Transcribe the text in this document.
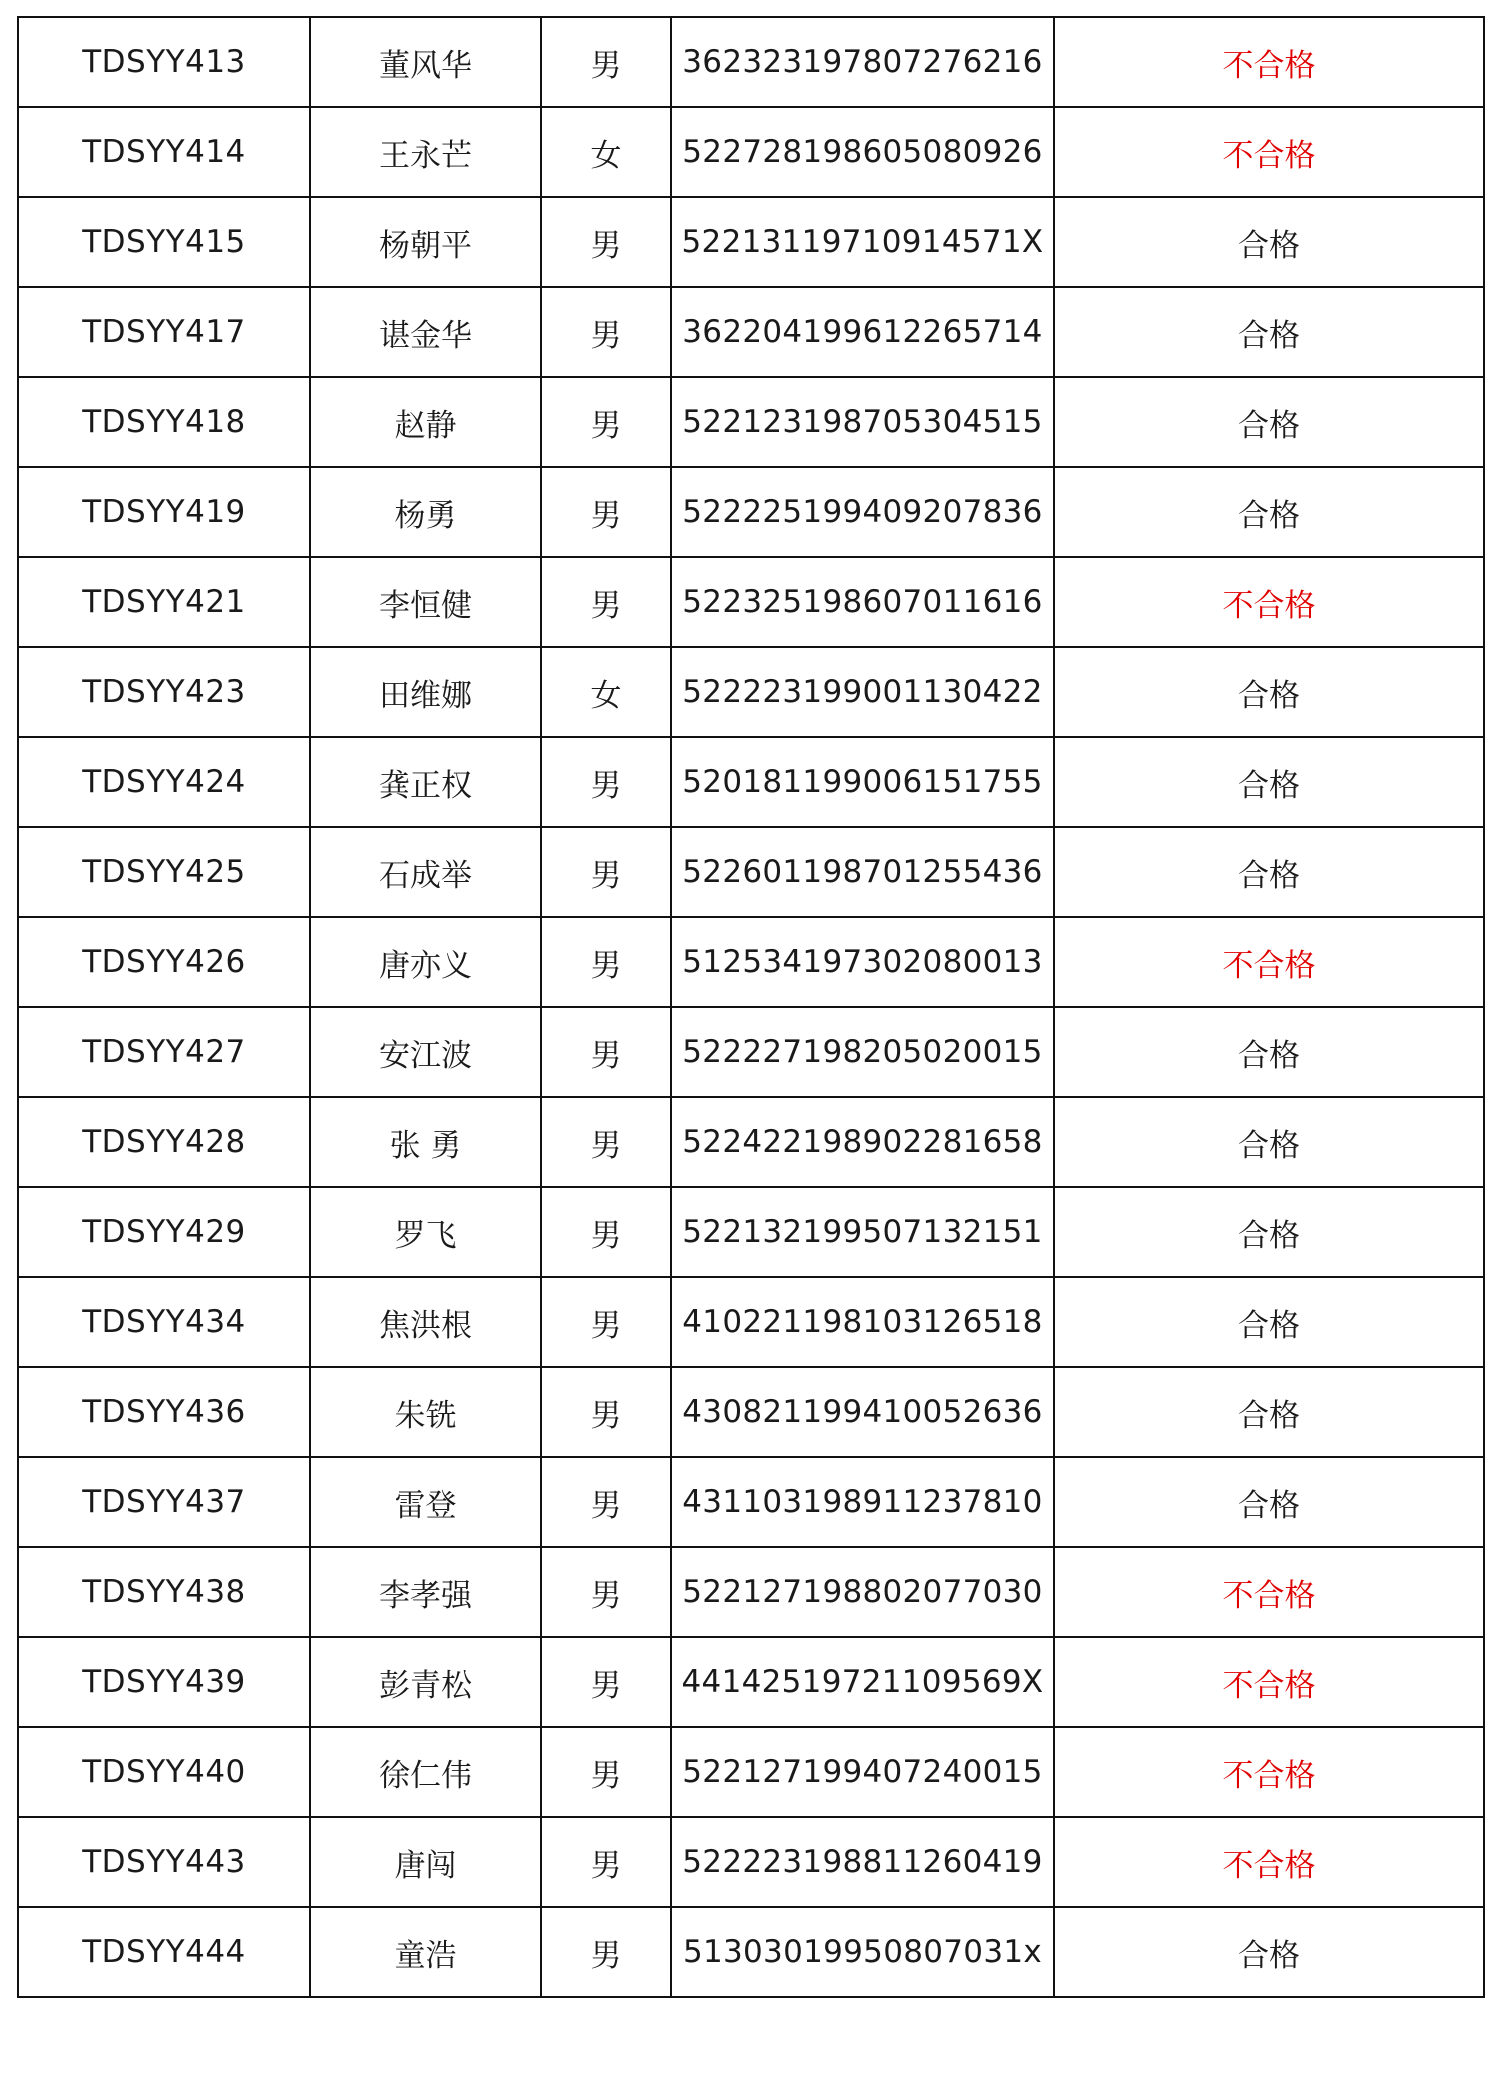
TDSYY413	董风华	男	362323197807276216	不合格
TDSYY414	王永芒	女	522728198605080926	不合格
TDSYY415	杨朝平	男	52213119710914571X	合格
TDSYY417	谌金华	男	362204199612265714	合格
TDSYY418	赵静	男	522123198705304515	合格
TDSYY419	杨勇	男	522225199409207836	合格
TDSYY421	李恒健	男	522325198607011616	不合格
TDSYY423	田维娜	女	522223199001130422	合格
TDSYY424	龚正权	男	520181199006151755	合格
TDSYY425	石成举	男	522601198701255436	合格
TDSYY426	唐亦义	男	512534197302080013	不合格
TDSYY427	安江波	男	522227198205020015	合格
TDSYY428	张 勇	男	522422198902281658	合格
TDSYY429	罗飞	男	522132199507132151	合格
TDSYY434	焦洪根	男	410221198103126518	合格
TDSYY436	朱铣	男	430821199410052636	合格
TDSYY437	雷登	男	431103198911237810	合格
TDSYY438	李孝强	男	522127198802077030	不合格
TDSYY439	彭青松	男	44142519721109569X	不合格
TDSYY440	徐仁伟	男	522127199407240015	不合格
TDSYY443	唐闯	男	522223198811260419	不合格
TDSYY444	童浩	男	51303019950807031x	合格
